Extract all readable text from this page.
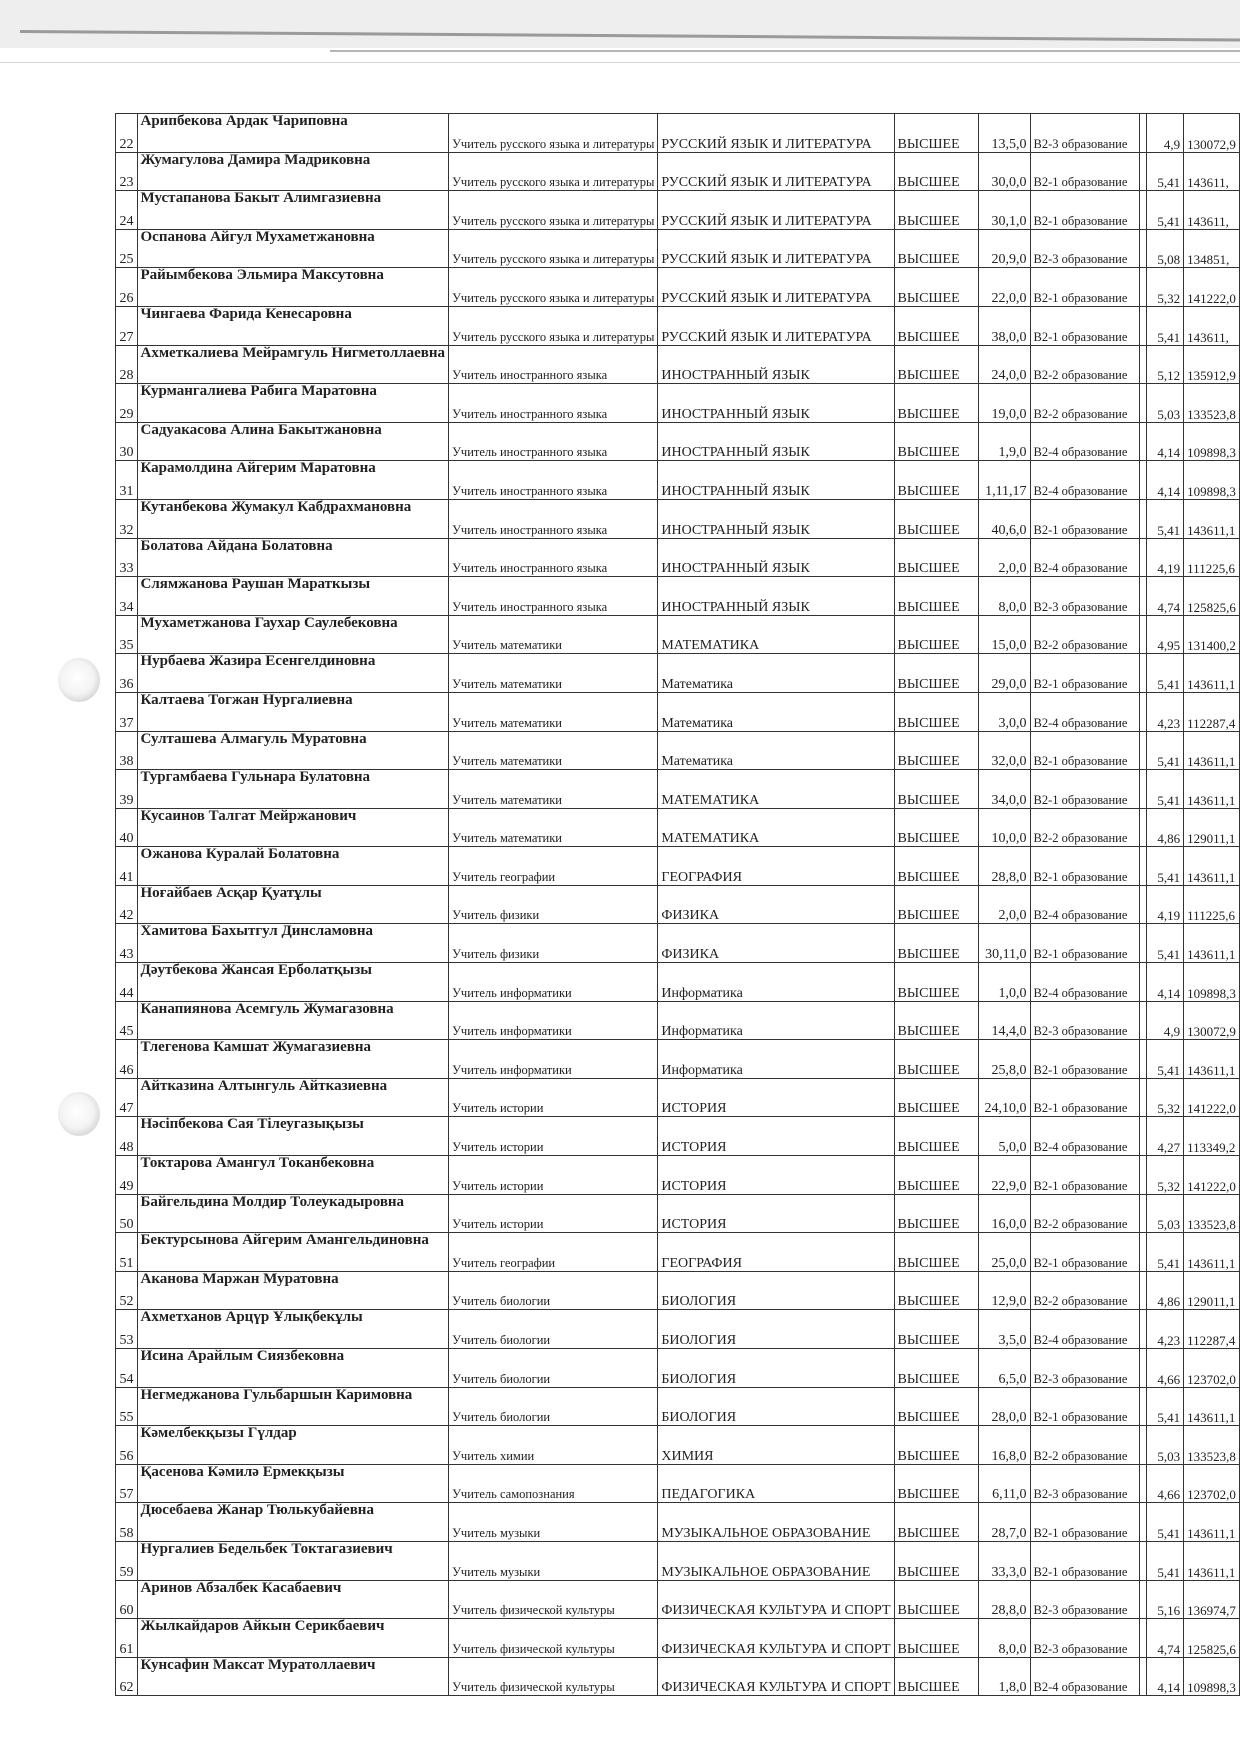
22	Арипбекова Ардак Чариповна	Учитель русского языка и литературы	РУССКИЙ ЯЗЫК И ЛИТЕРАТУРА	ВЫСШЕЕ	13,5,0	В2-3 образование		4,9	130072,9
23	Жумагулова Дамира Мадриковна	Учитель русского языка и литературы	РУССКИЙ ЯЗЫК И ЛИТЕРАТУРА	ВЫСШЕЕ	30,0,0	В2-1 образование		5,41	143611,
24	Мустапанова Бакыт Алимгазиевна	Учитель русского языка и литературы	РУССКИЙ ЯЗЫК И ЛИТЕРАТУРА	ВЫСШЕЕ	30,1,0	В2-1 образование		5,41	143611,
25	Оспанова Айгул Мухаметжановна	Учитель русского языка и литературы	РУССКИЙ ЯЗЫК И ЛИТЕРАТУРА	ВЫСШЕЕ	20,9,0	В2-3 образование		5,08	134851,
26	Райымбекова Эльмира Максутовна	Учитель русского языка и литературы	РУССКИЙ ЯЗЫК И ЛИТЕРАТУРА	ВЫСШЕЕ	22,0,0	В2-1 образование		5,32	141222,0
27	Чингаева Фарида Кенесаровна	Учитель русского языка и литературы	РУССКИЙ ЯЗЫК И ЛИТЕРАТУРА	ВЫСШЕЕ	38,0,0	В2-1 образование		5,41	143611,
28	Ахметкалиева Мейрамгуль Нигметоллаевна	Учитель иностранного языка	ИНОСТРАННЫЙ ЯЗЫК	ВЫСШЕЕ	24,0,0	В2-2 образование		5,12	135912,9
29	Курмангалиева Рабига Маратовна	Учитель иностранного языка	ИНОСТРАННЫЙ ЯЗЫК	ВЫСШЕЕ	19,0,0	В2-2 образование		5,03	133523,8
30	Садуакасова Алина Бакытжановна	Учитель иностранного языка	ИНОСТРАННЫЙ ЯЗЫК	ВЫСШЕЕ	1,9,0	В2-4 образование		4,14	109898,3
31	Карамолдина Айгерим Маратовна	Учитель иностранного языка	ИНОСТРАННЫЙ ЯЗЫК	ВЫСШЕЕ	1,11,17	В2-4 образование		4,14	109898,3
32	Кутанбекова Жумакул Кабдрахмановна	Учитель иностранного языка	ИНОСТРАННЫЙ ЯЗЫК	ВЫСШЕЕ	40,6,0	В2-1 образование		5,41	143611,1
33	Болатова Айдана Болатовна	Учитель иностранного языка	ИНОСТРАННЫЙ ЯЗЫК	ВЫСШЕЕ	2,0,0	В2-4 образование		4,19	111225,6
34	Слямжанова Раушан Мараткызы	Учитель иностранного языка	ИНОСТРАННЫЙ ЯЗЫК	ВЫСШЕЕ	8,0,0	В2-3 образование		4,74	125825,6
35	Мухаметжанова Гаухар Саулебековна	Учитель математики	МАТЕМАТИКА	ВЫСШЕЕ	15,0,0	В2-2 образование		4,95	131400,2
36	Нурбаева Жазира Есенгелдиновна	Учитель математики	Математика	ВЫСШЕЕ	29,0,0	В2-1 образование		5,41	143611,1
37	Калтаева Тогжан Нургалиевна	Учитель математики	Математика	ВЫСШЕЕ	3,0,0	В2-4 образование		4,23	112287,4
38	Султашева Алмагуль Муратовна	Учитель математики	Математика	ВЫСШЕЕ	32,0,0	В2-1 образование		5,41	143611,1
39	Тургамбаева Гульнара Булатовна	Учитель математики	МАТЕМАТИКА	ВЫСШЕЕ	34,0,0	В2-1 образование		5,41	143611,1
40	Кусаинов Талгат Мейржанович	Учитель математики	МАТЕМАТИКА	ВЫСШЕЕ	10,0,0	В2-2 образование		4,86	129011,1
41	Ожанова Куралай Болатовна	Учитель географии	ГЕОГРАФИЯ	ВЫСШЕЕ	28,8,0	В2-1 образование		5,41	143611,1
42	Ноғайбаев Асқар Қуатұлы	Учитель физики	ФИЗИКА	ВЫСШЕЕ	2,0,0	В2-4 образование		4,19	111225,6
43	Хамитова Бахытгул Динсламовна	Учитель физики	ФИЗИКА	ВЫСШЕЕ	30,11,0	В2-1 образование		5,41	143611,1
44	Дәутбекова Жансая Ерболатқызы	Учитель информатики	Информатика	ВЫСШЕЕ	1,0,0	В2-4 образование		4,14	109898,3
45	Канапиянова Асемгуль Жумагазовна	Учитель информатики	Информатика	ВЫСШЕЕ	14,4,0	В2-3 образование		4,9	130072,9
46	Тлегенова Камшат Жумагазиевна	Учитель информатики	Информатика	ВЫСШЕЕ	25,8,0	В2-1 образование		5,41	143611,1
47	Айтказина Алтынгуль Айтказиевна	Учитель истории	ИСТОРИЯ	ВЫСШЕЕ	24,10,0	В2-1 образование		5,32	141222,0
48	Нәсiпбекова Сая Тiлеугазықызы	Учитель истории	ИСТОРИЯ	ВЫСШЕЕ	5,0,0	В2-4 образование		4,27	113349,2
49	Токтарова Амангул Токанбековна	Учитель истории	ИСТОРИЯ	ВЫСШЕЕ	22,9,0	В2-1 образование		5,32	141222,0
50	Байгельдина Молдир Толеукадыровна	Учитель истории	ИСТОРИЯ	ВЫСШЕЕ	16,0,0	В2-2 образование		5,03	133523,8
51	Бектурсынова Айгерим Амангельдиновна	Учитель географии	ГЕОГРАФИЯ	ВЫСШЕЕ	25,0,0	В2-1 образование		5,41	143611,1
52	Аканова Маржан Муратовна	Учитель биологии	БИОЛОГИЯ	ВЫСШЕЕ	12,9,0	В2-2 образование		4,86	129011,1
53	Ахметханов Арцүр Ұлықбекұлы	Учитель биологии	БИОЛОГИЯ	ВЫСШЕЕ	3,5,0	В2-4 образование		4,23	112287,4
54	Исина Арайлым Сиязбековна	Учитель биологии	БИОЛОГИЯ	ВЫСШЕЕ	6,5,0	В2-3 образование		4,66	123702,0
55	Негмеджанова Гульбаршын Каримовна	Учитель биологии	БИОЛОГИЯ	ВЫСШЕЕ	28,0,0	В2-1 образование		5,41	143611,1
56	Кәмелбекқызы Гүлдар	Учитель химии	ХИМИЯ	ВЫСШЕЕ	16,8,0	В2-2 образование		5,03	133523,8
57	Қасенова Кәмилә Ермекқызы	Учитель самопознания	ПЕДАГОГИКА	ВЫСШЕЕ	6,11,0	В2-3 образование		4,66	123702,0
58	Дюсебаева Жанар Тюлькубайевна	Учитель музыки	МУЗЫКАЛЬНОЕ ОБРАЗОВАНИЕ	ВЫСШЕЕ	28,7,0	В2-1 образование		5,41	143611,1
59	Нургалиев Бедельбек Токтагазиевич	Учитель музыки	МУЗЫКАЛЬНОЕ ОБРАЗОВАНИЕ	ВЫСШЕЕ	33,3,0	В2-1 образование		5,41	143611,1
60	Аринов Абзалбек Касабаевич	Учитель физической культуры	ФИЗИЧЕСКАЯ КУЛЬТУРА И СПОРТ	ВЫСШЕЕ	28,8,0	В2-3 образование		5,16	136974,7
61	Жылкайдаров Айкын Серикбаевич	Учитель физической культуры	ФИЗИЧЕСКАЯ КУЛЬТУРА И СПОРТ	ВЫСШЕЕ	8,0,0	В2-3 образование		4,74	125825,6
62	Кунсафин Максат Муратоллаевич	Учитель физической культуры	ФИЗИЧЕСКАЯ КУЛЬТУРА И СПОРТ	ВЫСШЕЕ	1,8,0	В2-4 образование		4,14	109898,3
